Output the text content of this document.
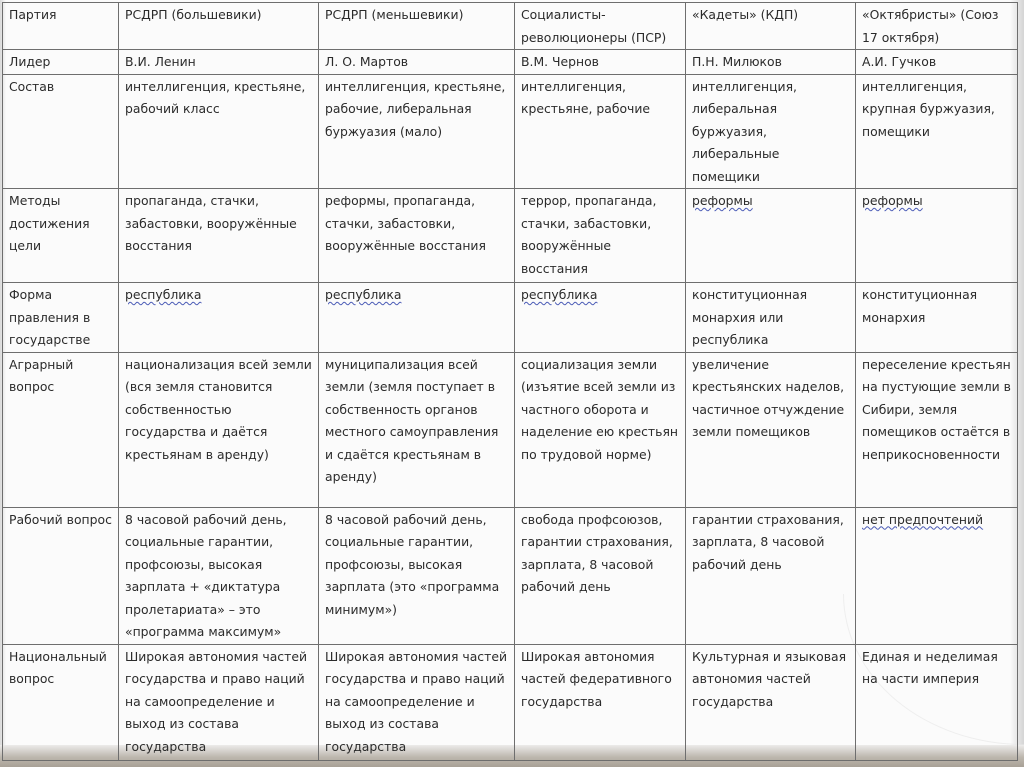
Партия	РСДРП (большевики)	РСДРП (меньшевики)	Социалисты-революционеры (ПСР)	«Кадеты» (КДП)	«Октябристы» (Союз 17 октября)
Лидер	В.И. Ленин	Л. О. Мартов	В.М. Чернов	П.Н. Милюков	А.И. Гучков
Состав	интеллигенция, крестьяне, рабочий класс	интеллигенция, крестьяне, рабочие, либеральная буржуазия (мало)	интеллигенция, крестьяне, рабочие	интеллигенция, либеральная буржуазия, либеральные помещики	интеллигенция, крупная буржуазия, помещики
Методы достижения цели	пропаганда, стачки, забастовки, вооружённые восстания	реформы, пропаганда, стачки, забастовки, вооружённые восстания	террор, пропаганда, стачки, забастовки, вооружённые восстания	реформы	реформы
Форма правления в государстве	республика	республика	республика	конституционная монархия или республика	конституционная монархия
Аграрный вопрос	национализация всей земли (вся земля становится собственностью государства и даётся крестьянам в аренду)	муниципализация всей земли (земля поступает в собственность органов местного самоуправления и сдаётся крестьянам в аренду)	социализация земли (изъятие всей земли из частного оборота и наделение ею крестьян по трудовой норме)	увеличение крестьянских наделов, частичное отчуждение земли помещиков	переселение крестьян на пустующие земли в Сибири, земля помещиков остаётся в неприкосновенности
Рабочий вопрос	8 часовой рабочий день, социальные гарантии, профсоюзы, высокая зарплата + «диктатура пролетариата» – это «программа максимум»	8 часовой рабочий день, социальные гарантии, профсоюзы, высокая зарплата (это «программа минимум»)	свобода профсоюзов, гарантии страхования, зарплата, 8 часовой рабочий день	гарантии страхования, зарплата, 8 часовой рабочий день	нет предпочтений
Национальный вопрос	Широкая автономия частей государства и право наций на самоопределение и выход из состава государства	Широкая автономия частей государства и право наций на самоопределение и выход из состава государства	Широкая автономия частей федеративного государства	Культурная и языковая автономия частей государства	Единая и неделимая на части империя
